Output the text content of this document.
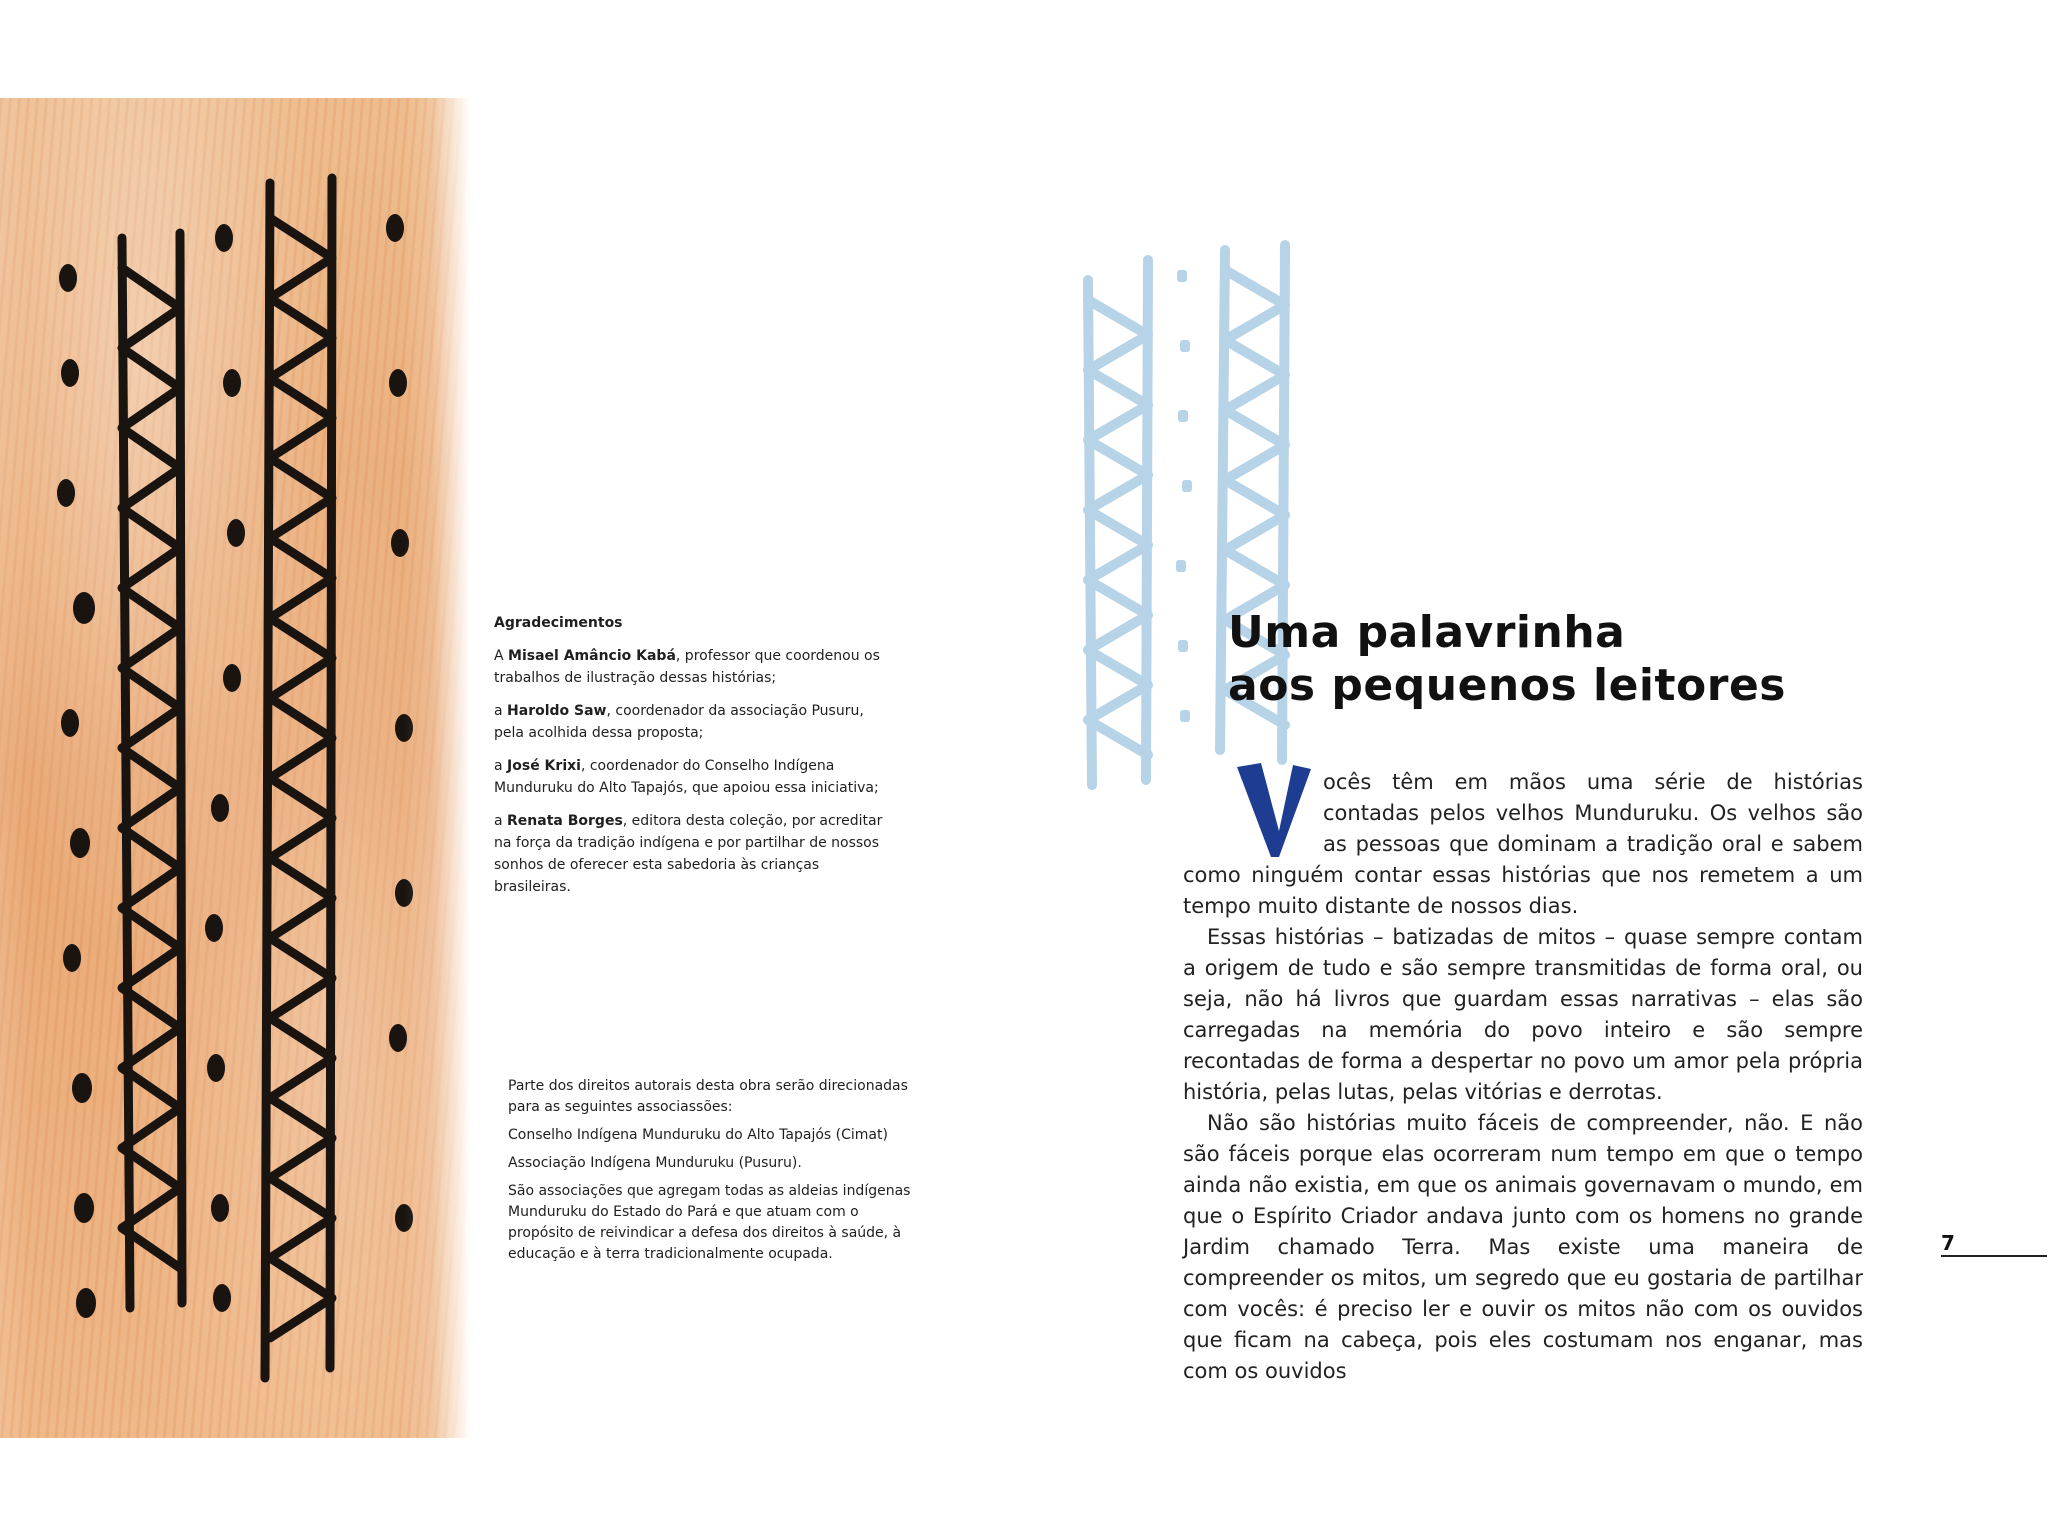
Agradecimentos

A Misael Amâncio Kabá, professor que coordenou os trabalhos de ilustração dessas histórias;

a Haroldo Saw, coordenador da associação Pusuru, pela acolhida dessa proposta;

a José Krixi, coordenador do Conselho Indígena Munduruku do Alto Tapajós, que apoiou essa iniciativa;

a Renata Borges, editora desta coleção, por acreditar na força da tradição indígena e por partilhar de nossos sonhos de oferecer esta sabedoria às crianças brasileiras.

Parte dos direitos autorais desta obra serão direcionadas para as seguintes associassões:

Conselho Indígena Munduruku do Alto Tapajós (Cimat)

Associação Indígena Munduruku (Pusuru).

São associações que agregam todas as aldeias indígenas Munduruku do Estado do Pará e que atuam com o propósito de reivindicar a defesa dos direitos à saúde, à educação e à terra tradicionalmente ocupada.

Uma palavrinha
aos pequenos leitores

ocês têm em mãos uma série de histórias contadas pelos velhos Munduruku. Os velhos são as pessoas que dominam a tradição oral e sabem como ninguém contar essas histórias que nos remetem a um tempo muito distante de nossos dias.

Essas histórias – batizadas de mitos – quase sempre contam a origem de tudo e são sempre transmitidas de forma oral, ou seja, não há livros que guardam essas narrativas – elas são carregadas na memória do povo inteiro e são sempre recontadas de forma a despertar no povo um amor pela própria história, pelas lutas, pelas vitórias e derrotas.

Não são histórias muito fáceis de compreender, não. E não são fáceis porque elas ocorreram num tempo em que o tempo ainda não existia, em que os animais governavam o mundo, em que o Espírito Criador andava junto com os homens no grande Jardim chamado Terra. Mas existe uma maneira de compreender os mitos, um segredo que eu gostaria de partilhar com vocês: é preciso ler e ouvir os mitos não com os ouvidos que ficam na cabeça, pois eles costumam nos enganar, mas com os ouvidos

7
